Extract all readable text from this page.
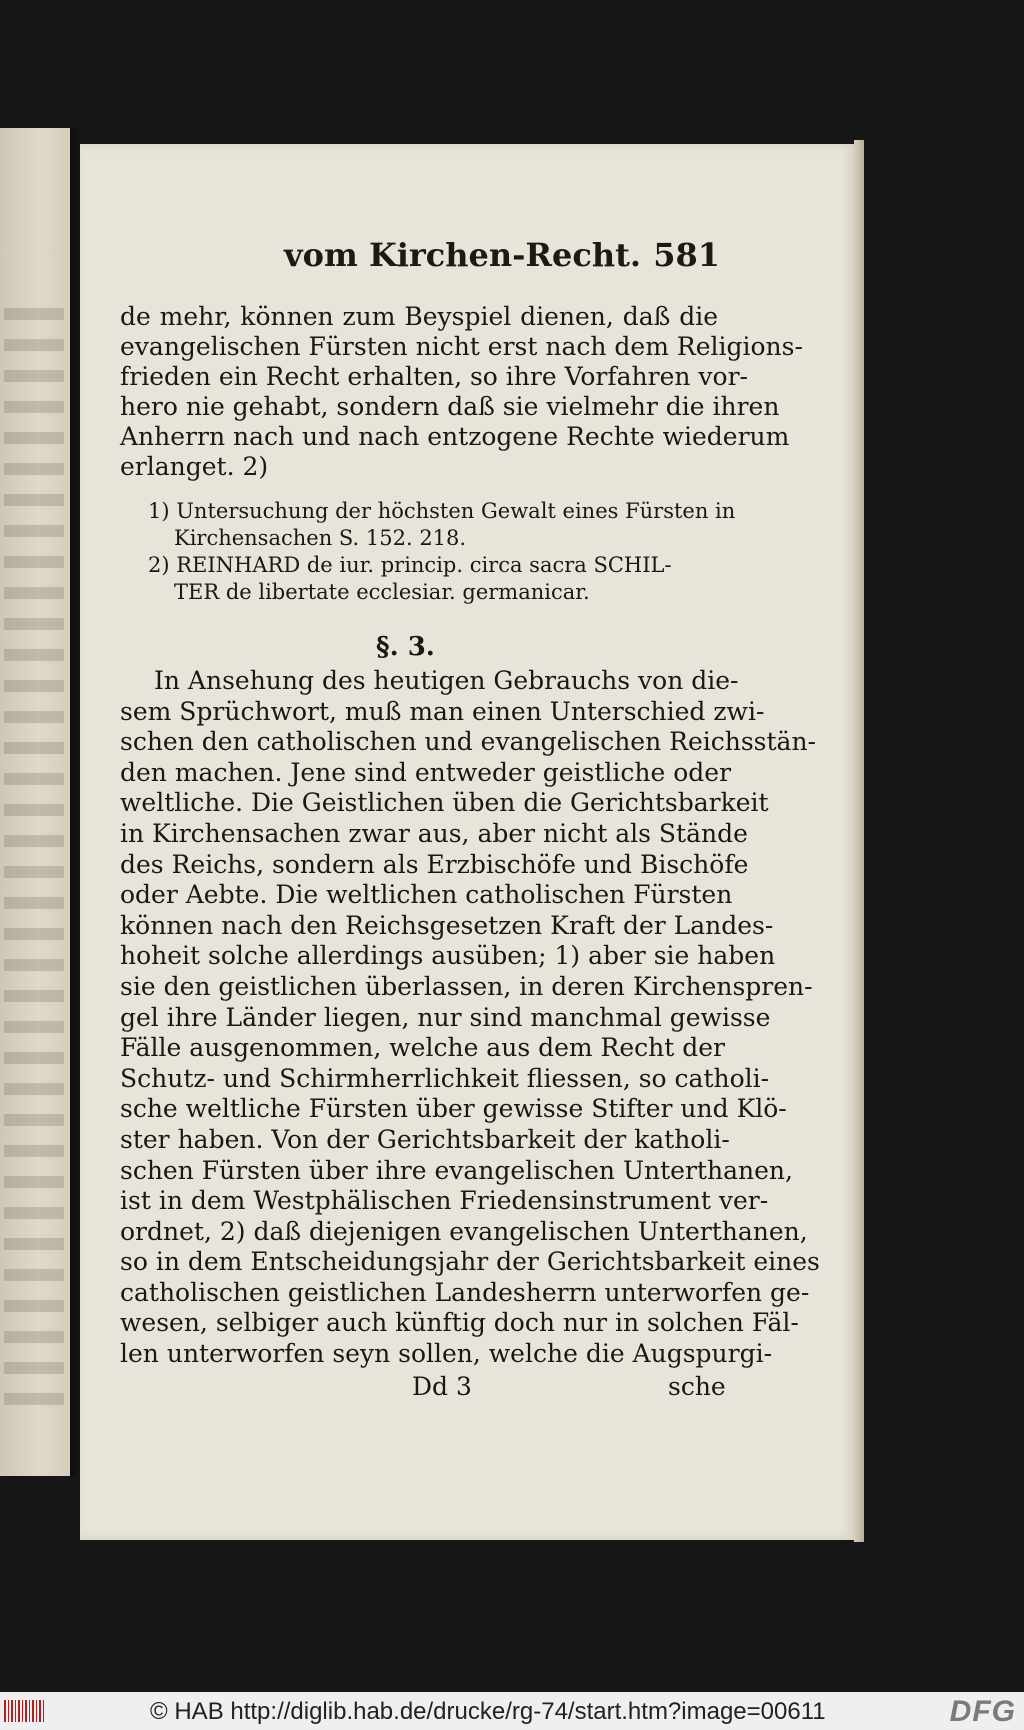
vom Kirchen-Recht. 581
de mehr, können zum Beyspiel dienen, daß die
evangelischen Fürsten nicht erst nach dem Religions-
frieden ein Recht erhalten, so ihre Vorfahren vor-
hero nie gehabt, sondern daß sie vielmehr die ihren
Anherrn nach und nach entzogene Rechte wiederum
erlanget. 2)
1) Untersuchung der höchsten Gewalt eines Fürsten in
Kirchensachen S. 152. 218.
2) REINHARD de iur. princip. circa sacra SCHIL-
TER de libertate ecclesiar. germanicar.
§. 3.
In Ansehung des heutigen Gebrauchs von die-
sem Sprüchwort, muß man einen Unterschied zwi-
schen den catholischen und evangelischen Reichsstän-
den machen. Jene sind entweder geistliche oder
weltliche. Die Geistlichen üben die Gerichtsbarkeit
in Kirchensachen zwar aus, aber nicht als Stände
des Reichs, sondern als Erzbischöfe und Bischöfe
oder Aebte. Die weltlichen catholischen Fürsten
können nach den Reichsgesetzen Kraft der Landes-
hoheit solche allerdings ausüben; 1) aber sie haben
sie den geistlichen überlassen, in deren Kirchenspren-
gel ihre Länder liegen, nur sind manchmal gewisse
Fälle ausgenommen, welche aus dem Recht der
Schutz- und Schirmherrlichkeit fliessen, so catholi-
sche weltliche Fürsten über gewisse Stifter und Klö-
ster haben. Von der Gerichtsbarkeit der katholi-
schen Fürsten über ihre evangelischen Unterthanen,
ist in dem Westphälischen Friedensinstrument ver-
ordnet, 2) daß diejenigen evangelischen Unterthanen,
so in dem Entscheidungsjahr der Gerichtsbarkeit eines
catholischen geistlichen Landesherrn unterworfen ge-
wesen, selbiger auch künftig doch nur in solchen Fäl-
len unterworfen seyn sollen, welche die Augspurgi-
Dd 3	sche
© HAB http://diglib.hab.de/drucke/rg-74/start.htm?image=00611	DFG
